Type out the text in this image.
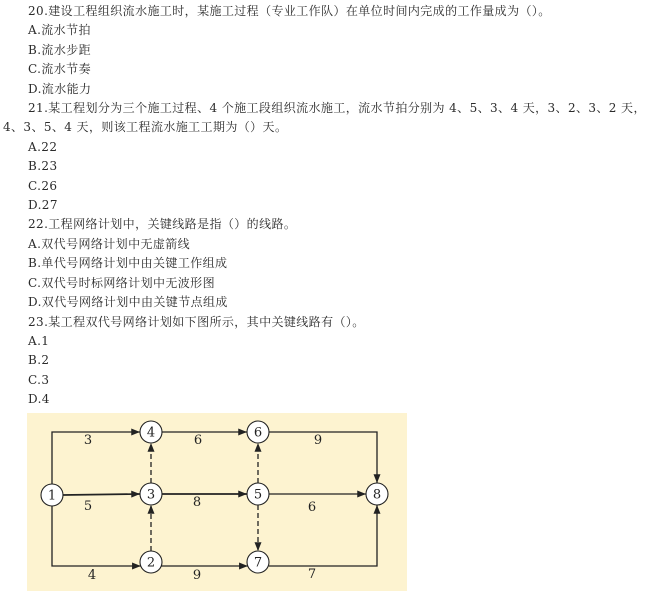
20.建设工程组织流水施工时，某施工过程（专业工作队）在单位时间内完成的工作量成为（）。

A.流水节拍

B.流水步距

C.流水节奏

D.流水能力

21.某工程划分为三个施工过程、4 个施工段组织流水施工，流水节拍分别为 4、5、3、4 天，3、2、3、2 天，4、3、5、4 天，则该工程流水施工工期为（）天。

A.22

B.23

C.26

D.27

22.工程网络计划中，关键线路是指（）的线路。

A.双代号网络计划中无虚箭线

B.单代号网络计划中由关键工作组成

C.双代号时标网络计划中无波形图

D.双代号网络计划中由关键节点组成

23.某工程双代号网络计划如下图所示，其中关键线路有（）。

A.1

B.2

C.3

D.4

3
5
4
6
8
9
9
6
7
1
2
3
4
5
6
7
8
